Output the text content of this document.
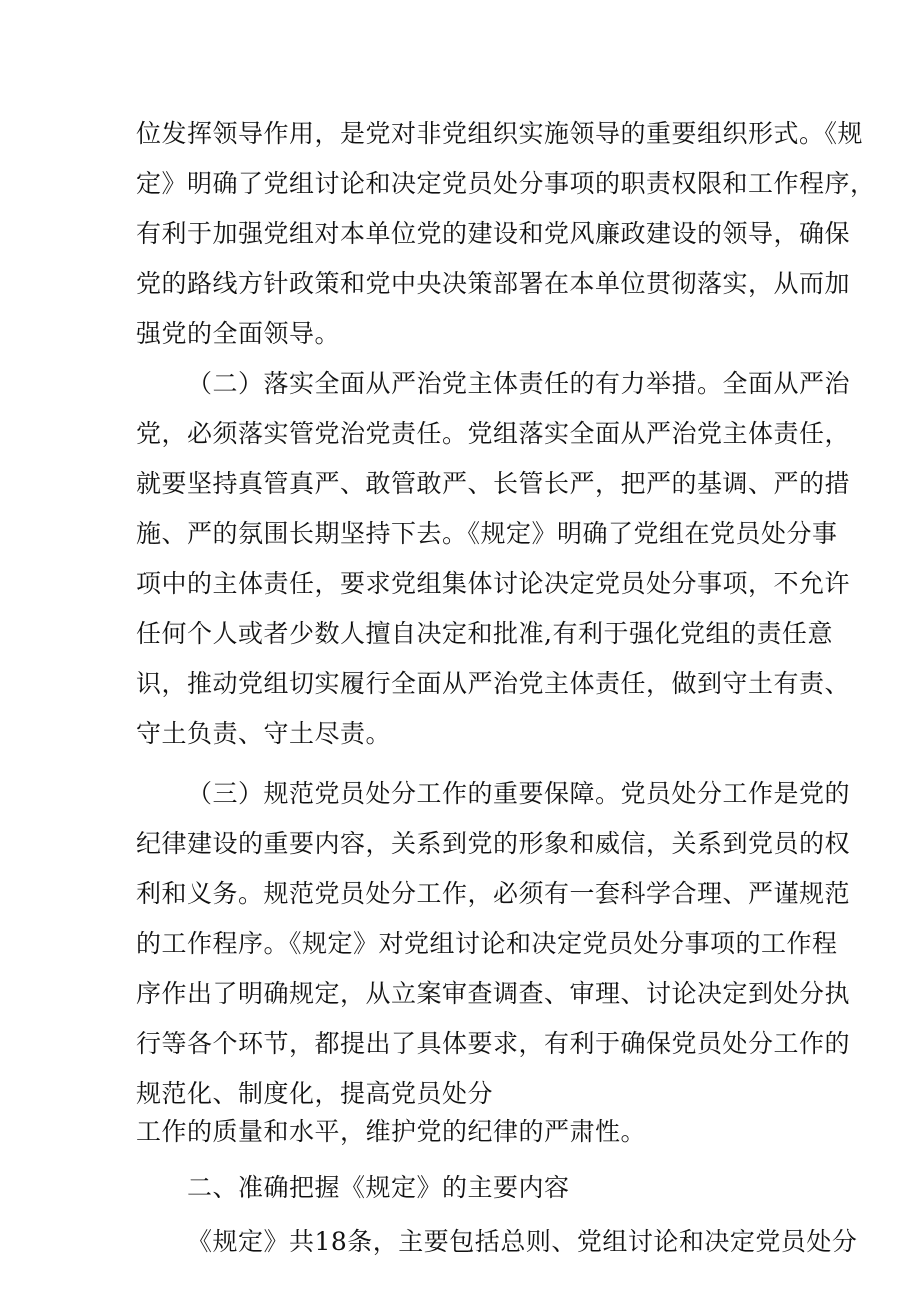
位发挥领导作用，是党对非党组织实施领导的重要组织形式。《规
定》明确了党组讨论和决定党员处分事项的职责权限和工作程序，
有利于加强党组对本单位党的建设和党风廉政建设的领导，确保
党的路线方针政策和党中央决策部署在本单位贯彻落实，从而加
强党的全面领导。
（二）落实全面从严治党主体责任的有力举措。全面从严治
党，必须落实管党治党责任。党组落实全面从严治党主体责任，
就要坚持真管真严、敢管敢严、长管长严，把严的基调、严的措
施、严的氛围长期坚持下去。《规定》明确了党组在党员处分事
项中的主体责任，要求党组集体讨论决定党员处分事项，不允许
任何个人或者少数人擅自决定和批准,有利于强化党组的责任意
识，推动党组切实履行全面从严治党主体责任，做到守土有责、
守土负责、守土尽责。
（三）规范党员处分工作的重要保障。党员处分工作是党的
纪律建设的重要内容，关系到党的形象和威信，关系到党员的权
利和义务。规范党员处分工作，必须有一套科学合理、严谨规范
的工作程序。《规定》对党组讨论和决定党员处分事项的工作程
序作出了明确规定，从立案审查调查、审理、讨论决定到处分执
行等各个环节，都提出了具体要求，有利于确保党员处分工作的
规范化、制度化，提高党员处分
工作的质量和水平，维护党的纪律的严肃性。
二、准确把握《规定》的主要内容
《规定》共18条，主要包括总则、党组讨论和决定党员处分
